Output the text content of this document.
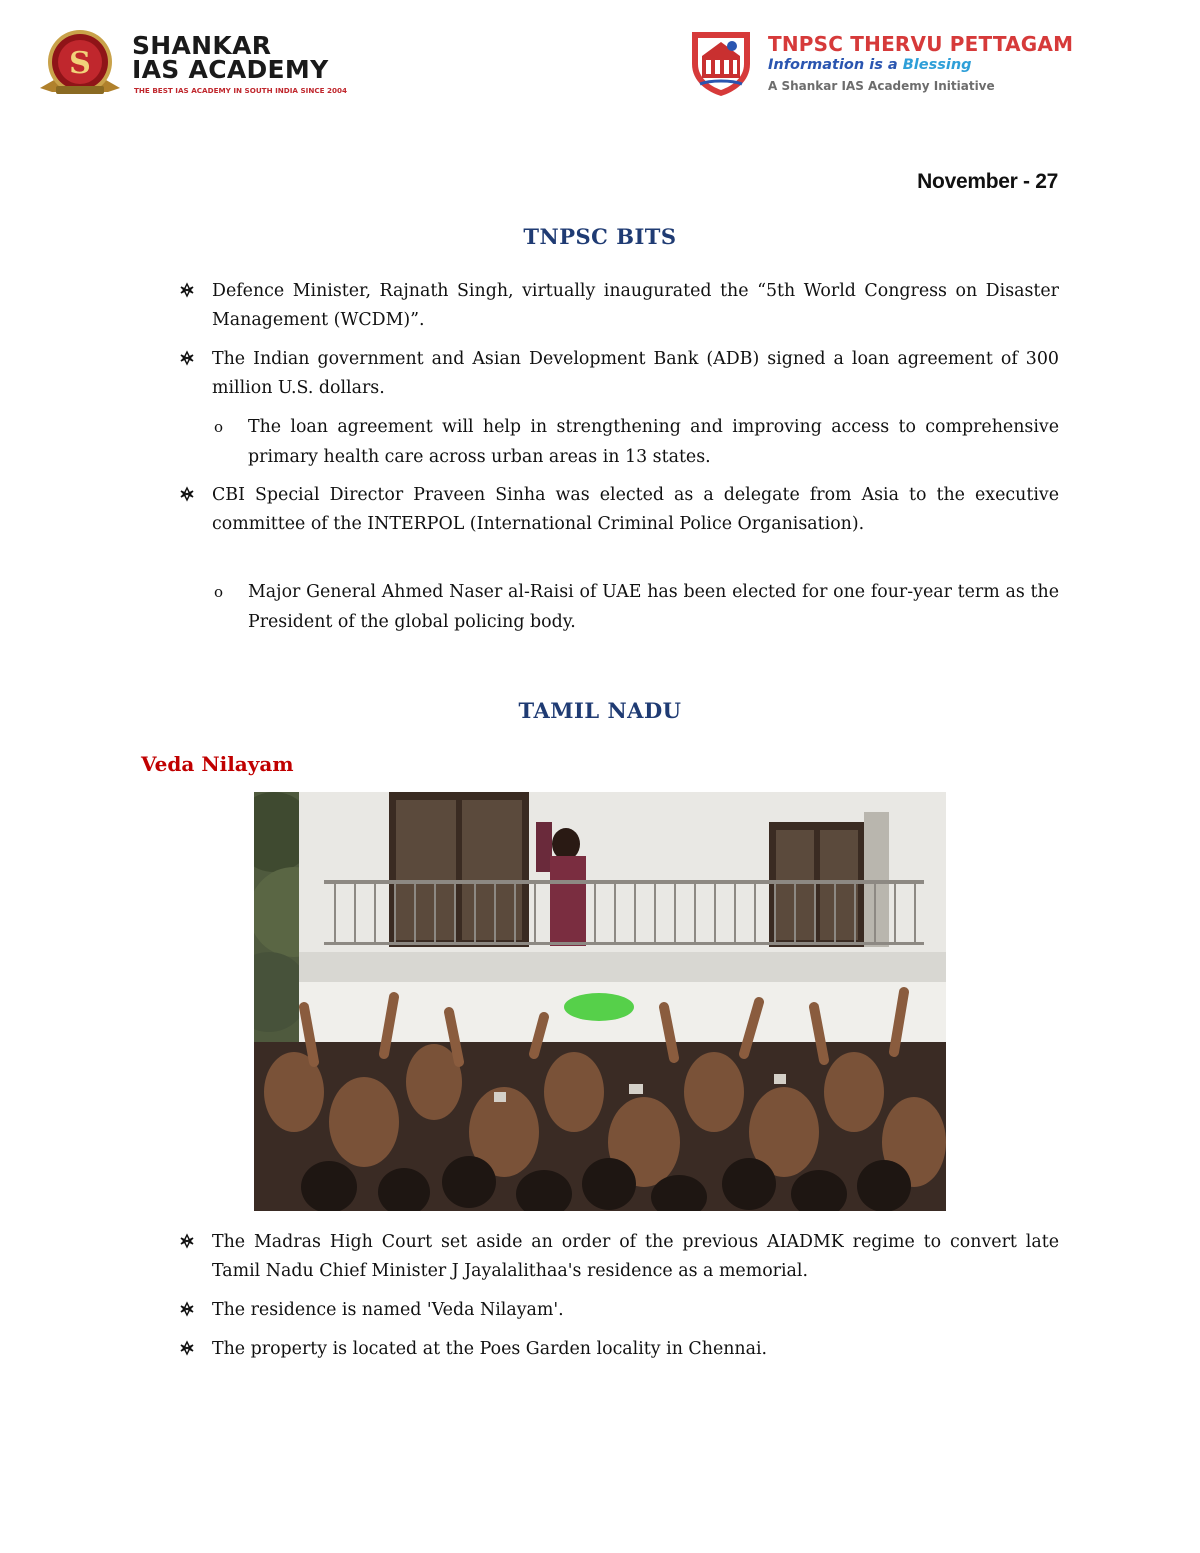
S
SHANKAR
IAS ACADEMY
THE BEST IAS ACADEMY IN SOUTH INDIA SINCE 2004
TNPSC THERVU PETTAGAM
Information is a Blessing
A Shankar IAS Academy Initiative
November - 27
TNPSC BITS
Defence Minister, Rajnath Singh, virtually inaugurated the “5th World Congress on Disaster Management (WCDM)”.
The Indian government and Asian Development Bank (ADB) signed a loan agreement of 300 million U.S. dollars.
o	The loan agreement will help in strengthening and improving access to comprehensive primary health care across urban areas in 13 states.
CBI Special Director Praveen Sinha was elected as a delegate from Asia to the executive committee of the INTERPOL (International Criminal Police Organisation).
o	Major General Ahmed Naser al-Raisi of UAE has been elected for one four-year term as the President of the global policing body.
TAMIL NADU
Veda Nilayam
The Madras High Court set aside an order of the previous AIADMK regime to convert late Tamil Nadu Chief Minister J Jayalalithaa's residence as a memorial.
The residence is named 'Veda Nilayam'.
The property is located at the Poes Garden locality in Chennai.
